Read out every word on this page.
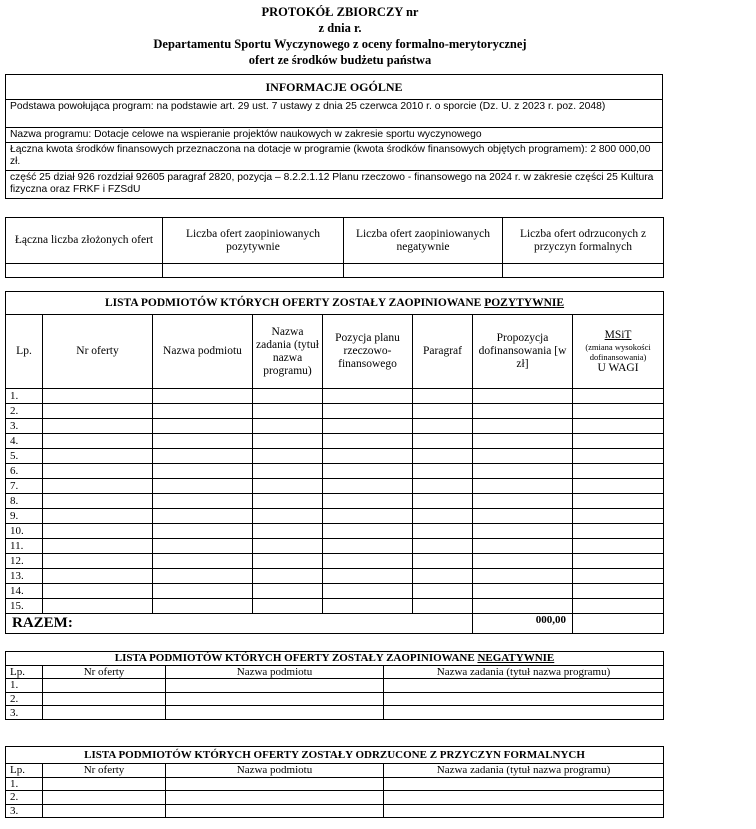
PROTOKÓŁ ZBIORCZY nr
z dnia r.
Departamentu Sportu Wyczynowego z oceny formalno-merytorycznej
ofert ze środków budżetu państwa
INFORMACJE OGÓLNE
Podstawa powołująca program: na podstawie art. 29 ust. 7 ustawy z dnia 25 czerwca 2010 r. o sporcie (Dz. U. z 2023 r. poz. 2048)
Nazwa programu: Dotacje celowe na wspieranie projektów naukowych w zakresie sportu wyczynowego
Łączna kwota środków finansowych przeznaczona na dotacje w programie (kwota środków finansowych objętych programem): 2 800 000,00 zł.
część 25 dział 926 rozdział 92605 paragraf 2820, pozycja – 8.2.2.1.12 Planu rzeczowo - finansowego na 2024 r. w zakresie części 25 Kultura fizyczna oraz FRKF i FZSdU
Łączna liczba złożonych ofert	Liczba ofert zaopiniowanych pozytywnie	Liczba ofert zaopiniowanych negatywnie	Liczba ofert odrzuconych z przyczyn formalnych

LISTA PODMIOTÓW KTÓRYCH OFERTY ZOSTAŁY ZAOPINIOWANE POZYTYWNIE							
Lp.	Nr oferty	Nazwa podmiotu	Nazwa zadania (tytuł nazwa programu)	Pozycja planu rzeczowo-finansowego	Paragraf	Propozycja dofinansowania [w zł]	MSiT
(zmiana wysokości dofinansowania)
U WAGI

1.							
2.							
3.							
4.							
5.							
6.							
7.							
8.							
9.							
10.							
11.							
12.							
13.							
14.							
15.							
RAZEM:						000,00	
LISTA PODMIOTÓW KTÓRYCH OFERTY ZOSTAŁY ZAOPINIOWANE NEGATYWNIE			
Lp.	Nr oferty	Nazwa podmiotu	Nazwa zadania (tytuł nazwa programu)
1.			
2.			
3.			
LISTA PODMIOTÓW KTÓRYCH OFERTY ZOSTAŁY ODRZUCONE Z PRZYCZYN FORMALNYCH			
Lp.	Nr oferty	Nazwa podmiotu	Nazwa zadania (tytuł nazwa programu)
1.			
2.			
3.			
